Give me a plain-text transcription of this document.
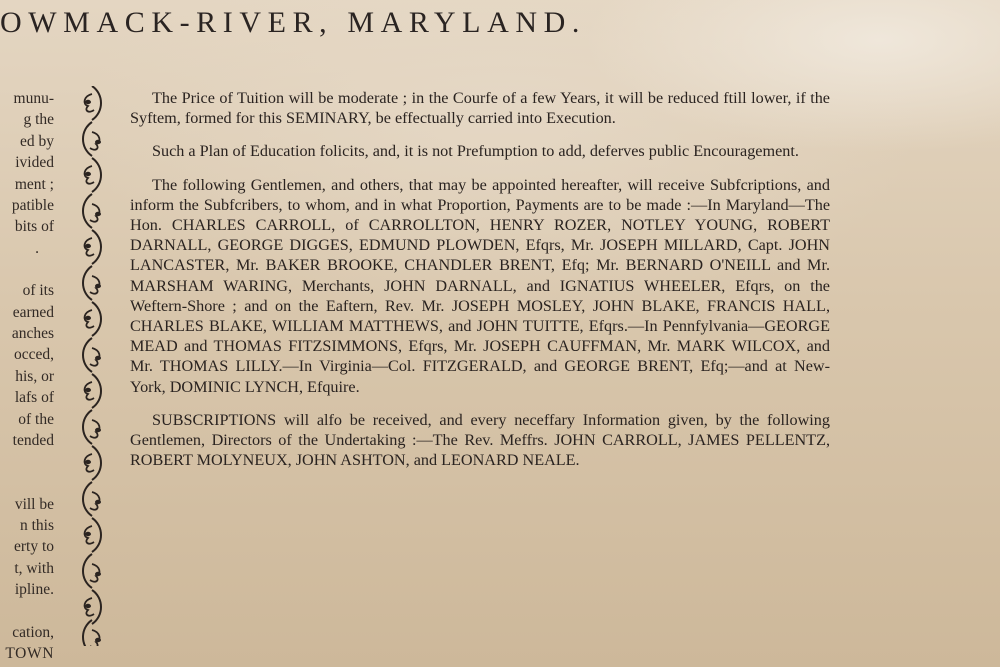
OWMACK-RIVER, MARYLAND.
munu-
g the
ed by
ivided
ment ;
patible
bits of
.

of its
earned
anches
occed,
his, or
lafs of
of the
tended

vill be
n this
erty to
t, with
ipline.

cation,
TOWN

The Price of Tuition will be moderate ; in the Courfe of a few Years, it will be reduced ftill lower, if the Syftem, formed for this SEMINARY, be effectually carried into Execution.

Such a Plan of Education folicits, and, it is not Prefumption to add, deferves public Encouragement.

The following Gentlemen, and others, that may be appointed hereafter, will receive Subfcriptions, and inform the Subfcribers, to whom, and in what Proportion, Payments are to be made :—In Maryland—The Hon. CHARLES CARROLL, of CARROLLTON, HENRY ROZER, NOTLEY YOUNG, ROBERT DARNALL, GEORGE DIGGES, EDMUND PLOWDEN, Efqrs, Mr. JOSEPH MILLARD, Capt. JOHN LANCASTER, Mr. BAKER BROOKE, CHANDLER BRENT, Efq; Mr. BERNARD O'NEILL and Mr. MARSHAM WARING, Merchants, JOHN DARNALL, and IGNATIUS WHEELER, Efqrs, on the Weftern-Shore ; and on the Eaftern, Rev. Mr. JOSEPH MOSLEY, JOHN BLAKE, FRANCIS HALL, CHARLES BLAKE, WILLIAM MATTHEWS, and JOHN TUITTE, Efqrs.—In Pennfylvania—GEORGE MEAD and THOMAS FITZSIMMONS, Efqrs, Mr. JOSEPH CAUFFMAN, Mr. MARK WILCOX, and Mr. THOMAS LILLY.—In Virginia—Col. FITZGERALD, and GEORGE BRENT, Efq;—and at New-York, DOMINIC LYNCH, Efquire.

SUBSCRIPTIONS will alfo be received, and every neceffary Information given, by the following Gentlemen, Directors of the Undertaking :—The Rev. Meffrs. JOHN CARROLL, JAMES PELLENTZ, ROBERT MOLYNEUX, JOHN ASHTON, and LEONARD NEALE.
